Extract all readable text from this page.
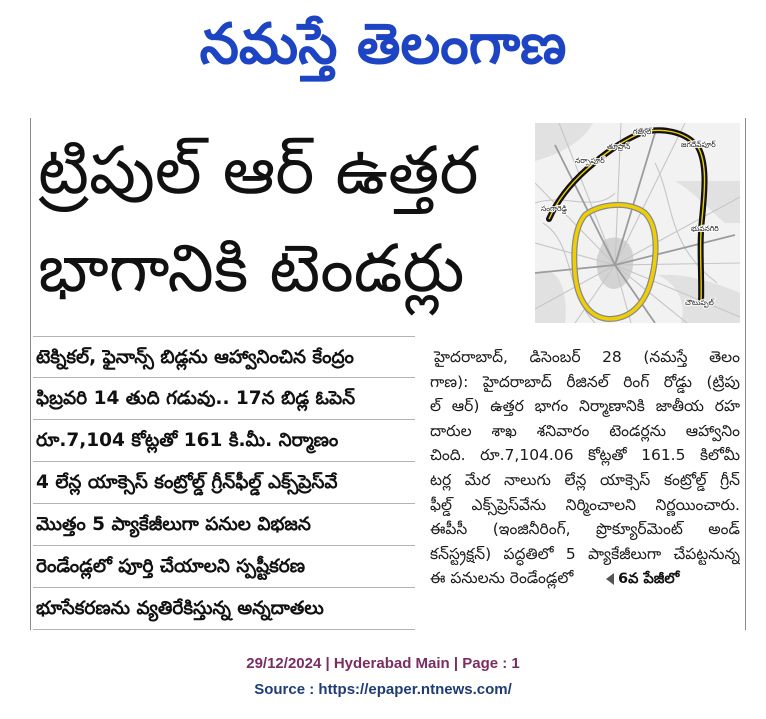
నమస్తే తెలంగాణ
ట్రిపుల్ ఆర్ ఉత్తర
భాగానికి టెండర్లు
గజ్వేల్
తూప్రాన్
నర్సాపూర్
జగదేవ్‌పూర్
సంగారెడ్డి
భువనగిరి
చౌటుప్పల్
టెక్నికల్, ఫైనాన్స్ బిడ్లను ఆహ్వానించిన కేంద్రం
ఫిబ్రవరి 14 తుది గడువు.. 17న బిడ్ల ఓపెన్
రూ.7,104 కోట్లతో 161 కి.మీ. నిర్మాణం
4 లేన్ల యాక్సెస్ కంట్రోల్డ్ గ్రీన్‌ఫీల్డ్ ఎక్స్‌ప్రెస్‌వే
మొత్తం 5 ప్యాకేజీలుగా పనుల విభజన
రెండేండ్లలో పూర్తి చేయాలని స్పష్టీకరణ
భూసేకరణను వ్యతిరేకిస్తున్న అన్నదాతలు
హైదరాబాద్, డిసెంబర్ 28 (నమస్తే తెలం
గాణ): హైదరాబాద్ రీజినల్ రింగ్ రోడ్డు (ట్రిపు
ల్ ఆర్) ఉత్తర భాగం నిర్మాణానికి జాతీయ రహ
దారుల శాఖ శనివారం టెండర్లను ఆహ్వానిం
చింది. రూ.7,104.06 కోట్లతో 161.5 కిలోమీ
టర్ల మేర నాలుగు లేన్ల యాక్సెస్ కంట్రోల్డ్ గ్రీన్
ఫీల్డ్ ఎక్స్‌ప్రెస్‌వేను నిర్మించాలని నిర్ణయించారు.
ఈపీసీ (ఇంజినీరింగ్, ప్రొక్యూర్‌మెంట్ అండ్
కన్‌స్ట్రక్షన్) పద్ధతిలో 5 ప్యాకేజీలుగా చేపట్టనున్న
ఈ పనులను రెండేండ్లలో	6వ పేజీలో
29/12/2024 | Hyderabad Main | Page : 1
Source : https://epaper.ntnews.com/
